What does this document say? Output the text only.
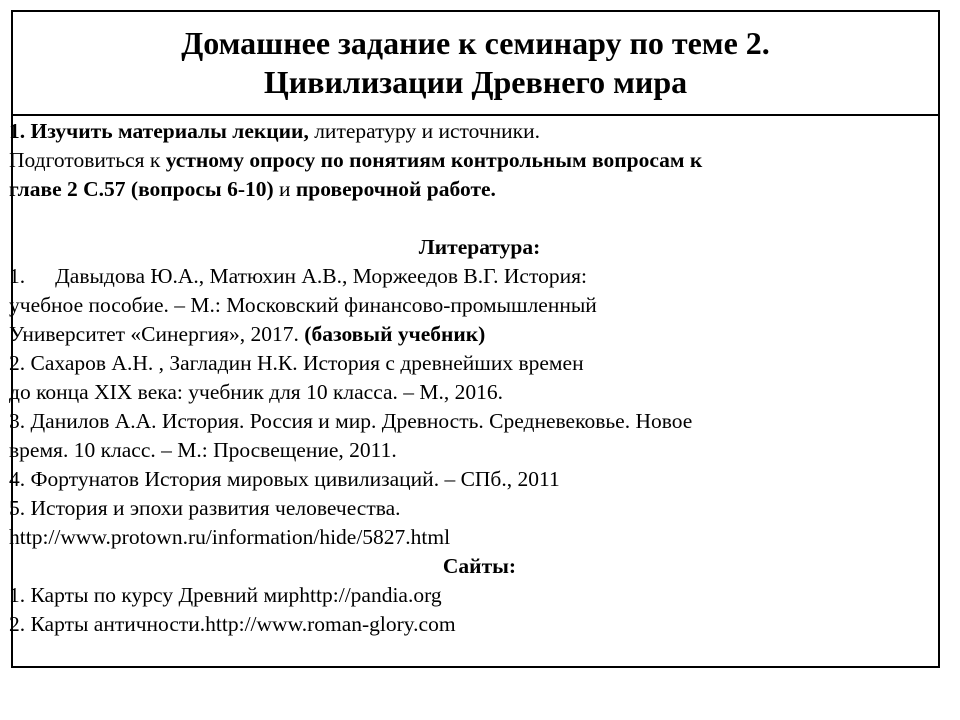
Домашнее задание к семинару по теме 2.
Цивилизации Древнего мира
1. Изучить материалы лекции, литературу и источники.
Подготовиться к устному опросу по понятиям контрольным вопросам к
главе 2 С.57 (вопросы 6-10) и проверочной работе.
Литература:
1. Давыдова Ю.А., Матюхин А.В., Моржеедов В.Г. История:
учебное пособие. – М.: Московский финансово-промышленный
Университет «Синергия», 2017. (базовый учебник)
2. Сахаров А.Н. , Загладин Н.К. История с древнейших времен
до конца XIX века: учебник для 10 класса. – М., 2016.
3. Данилов А.А. История. Россия и мир. Древность. Средневековье. Новое
время. 10 класс. – М.: Просвещение, 2011.
4. Фортунатов История мировых цивилизаций. – СПб., 2011
5. История и эпохи развития человечества.
http://www.protown.ru/information/hide/5827.html
Сайты:
1. Карты по курсу Древний мирhttp://pandia.org
2. Карты античности.http://www.roman-glory.com
